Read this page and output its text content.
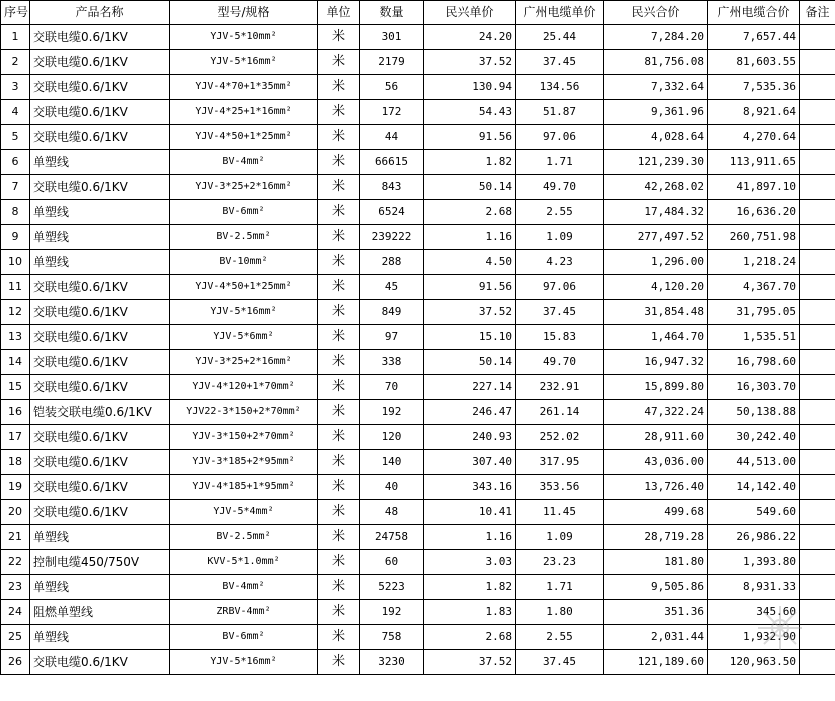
序号	产品名称	型号/规格	单位	数量	民兴单价	广州电缆单价	民兴合价	广州电缆合价	备注
1	交联电缆0.6/1KV	YJV-5*10mm²	米	301	24.20	25.44	7,284.20	7,657.44	
2	交联电缆0.6/1KV	YJV-5*16mm²	米	2179	37.52	37.45	81,756.08	81,603.55	
3	交联电缆0.6/1KV	YJV-4*70+1*35mm²	米	56	130.94	134.56	7,332.64	7,535.36	
4	交联电缆0.6/1KV	YJV-4*25+1*16mm²	米	172	54.43	51.87	9,361.96	8,921.64	
5	交联电缆0.6/1KV	YJV-4*50+1*25mm²	米	44	91.56	97.06	4,028.64	4,270.64	
6	单塑线	BV-4mm²	米	66615	1.82	1.71	121,239.30	113,911.65	
7	交联电缆0.6/1KV	YJV-3*25+2*16mm²	米	843	50.14	49.70	42,268.02	41,897.10	
8	单塑线	BV-6mm²	米	6524	2.68	2.55	17,484.32	16,636.20	
9	单塑线	BV-2.5mm²	米	239222	1.16	1.09	277,497.52	260,751.98	
10	单塑线	BV-10mm²	米	288	4.50	4.23	1,296.00	1,218.24	
11	交联电缆0.6/1KV	YJV-4*50+1*25mm²	米	45	91.56	97.06	4,120.20	4,367.70	
12	交联电缆0.6/1KV	YJV-5*16mm²	米	849	37.52	37.45	31,854.48	31,795.05	
13	交联电缆0.6/1KV	YJV-5*6mm²	米	97	15.10	15.83	1,464.70	1,535.51	
14	交联电缆0.6/1KV	YJV-3*25+2*16mm²	米	338	50.14	49.70	16,947.32	16,798.60	
15	交联电缆0.6/1KV	YJV-4*120+1*70mm²	米	70	227.14	232.91	15,899.80	16,303.70	
16	铠装交联电缆0.6/1KV	YJV22-3*150+2*70mm²	米	192	246.47	261.14	47,322.24	50,138.88	
17	交联电缆0.6/1KV	YJV-3*150+2*70mm²	米	120	240.93	252.02	28,911.60	30,242.40	
18	交联电缆0.6/1KV	YJV-3*185+2*95mm²	米	140	307.40	317.95	43,036.00	44,513.00	
19	交联电缆0.6/1KV	YJV-4*185+1*95mm²	米	40	343.16	353.56	13,726.40	14,142.40	
20	交联电缆0.6/1KV	YJV-5*4mm²	米	48	10.41	11.45	499.68	549.60	
21	单塑线	BV-2.5mm²	米	24758	1.16	1.09	28,719.28	26,986.22	
22	控制电缆450/750V	KVV-5*1.0mm²	米	60	3.03	23.23	181.80	1,393.80	
23	单塑线	BV-4mm²	米	5223	1.82	1.71	9,505.86	8,931.33	
24	阻燃单塑线	ZRBV-4mm²	米	192	1.83	1.80	351.36	345.60	
25	单塑线	BV-6mm²	米	758	2.68	2.55	2,031.44	1,932.90	
26	交联电缆0.6/1KV	YJV-5*16mm²	米	3230	37.52	37.45	121,189.60	120,963.50	
